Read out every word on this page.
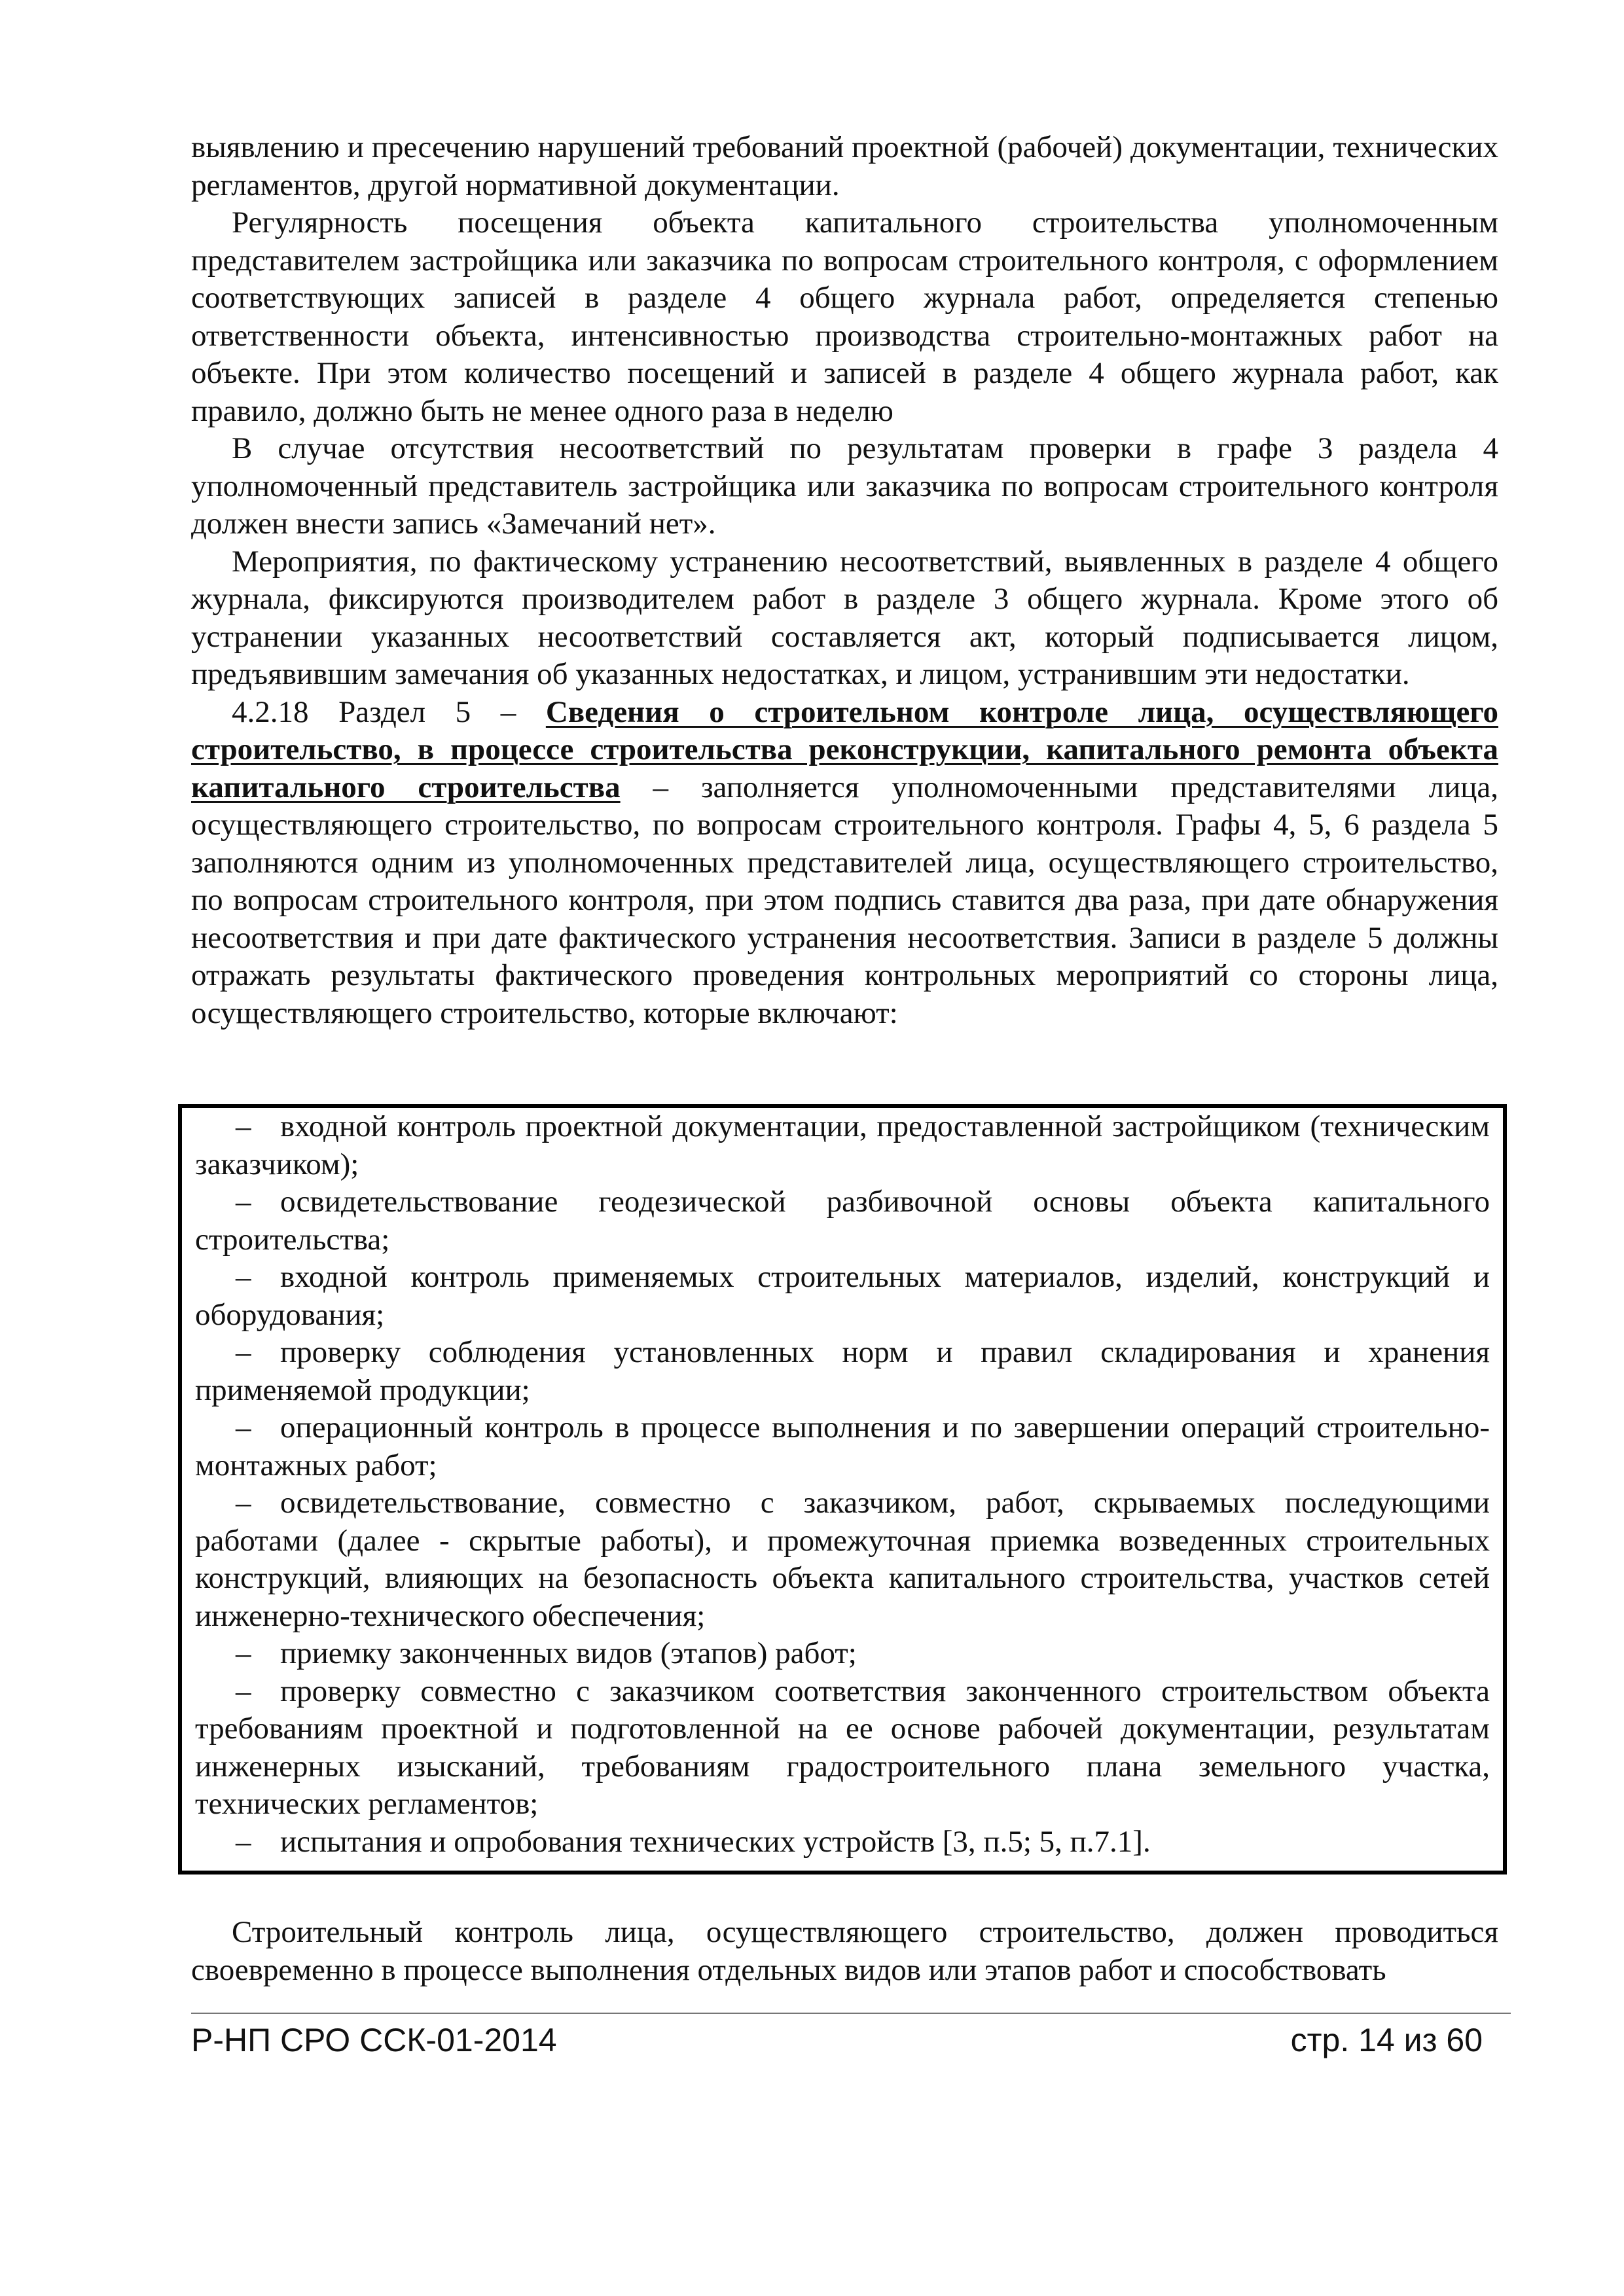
выявлению и пресечению нарушений требований проектной (рабочей) документации, технических регламентов, другой нормативной документации.

Регулярность посещения объекта капитального строительства уполномоченным представителем застройщика или заказчика по вопросам строительного контроля, с оформлением соответствующих записей в разделе 4 общего журнала работ, определяется степенью ответственности объекта, интенсивностью производства строительно-монтажных работ на объекте. При этом количество посещений и записей в разделе 4 общего журнала работ, как правило, должно быть не менее одного раза в неделю

В случае отсутствия несоответствий по результатам проверки в графе 3 раздела 4 уполномоченный представитель застройщика или заказчика по вопросам строительного контроля должен внести запись «Замечаний нет».

Мероприятия, по фактическому устранению несоответствий, выявленных в разделе 4 общего журнала, фиксируются производителем работ в разделе 3 общего журнала. Кроме этого об устранении указанных несоответствий составляется акт, который подписывается лицом, предъявившим замечания об указанных недостатках, и лицом, устранившим эти недостатки.

4.2.18 Раздел 5 – Сведения о строительном контроле лица, осуществляющего строительство, в процессе строительства реконструкции, капитального ремонта объекта капитального строительства – заполняется уполномоченными представителями лица, осуществляющего строительство, по вопросам строительного контроля. Графы 4, 5, 6 раздела 5 заполняются одним из уполномоченных представителей лица, осуществляющего строительство, по вопросам строительного контроля, при этом подпись ставится два раза, при дате обнаружения несоответствия и при дате фактического устранения несоответствия. Записи в разделе 5 должны отражать результаты фактического проведения контрольных мероприятий со стороны лица, осуществляющего строительство, которые включают:

– входной контроль проектной документации, предоставленной застройщиком (техническим заказчиком);
– освидетельствование геодезической разбивочной основы объекта капитального строительства;
– входной контроль применяемых строительных материалов, изделий, конструкций и оборудования;
– проверку соблюдения установленных норм и правил складирования и хранения применяемой продукции;
– операционный контроль в процессе выполнения и по завершении операций строительно-монтажных работ;
– освидетельствование, совместно с заказчиком, работ, скрываемых последующими работами (далее - скрытые работы), и промежуточная приемка возведенных строительных конструкций, влияющих на безопасность объекта капитального строительства, участков сетей инженерно-технического обеспечения;
– приемку законченных видов (этапов) работ;
– проверку совместно с заказчиком соответствия законченного строительством объекта требованиям проектной и подготовленной на ее основе рабочей документации, результатам инженерных изысканий, требованиям градостроительного плана земельного участка, технических регламентов;
– испытания и опробования технических устройств [3, п.5; 5, п.7.1].

Строительный контроль лица, осуществляющего строительство, должен проводиться своевременно в процессе выполнения отдельных видов или этапов работ и способствовать

Р-НП СРО ССК-01-2014	стр. 14 из 60
